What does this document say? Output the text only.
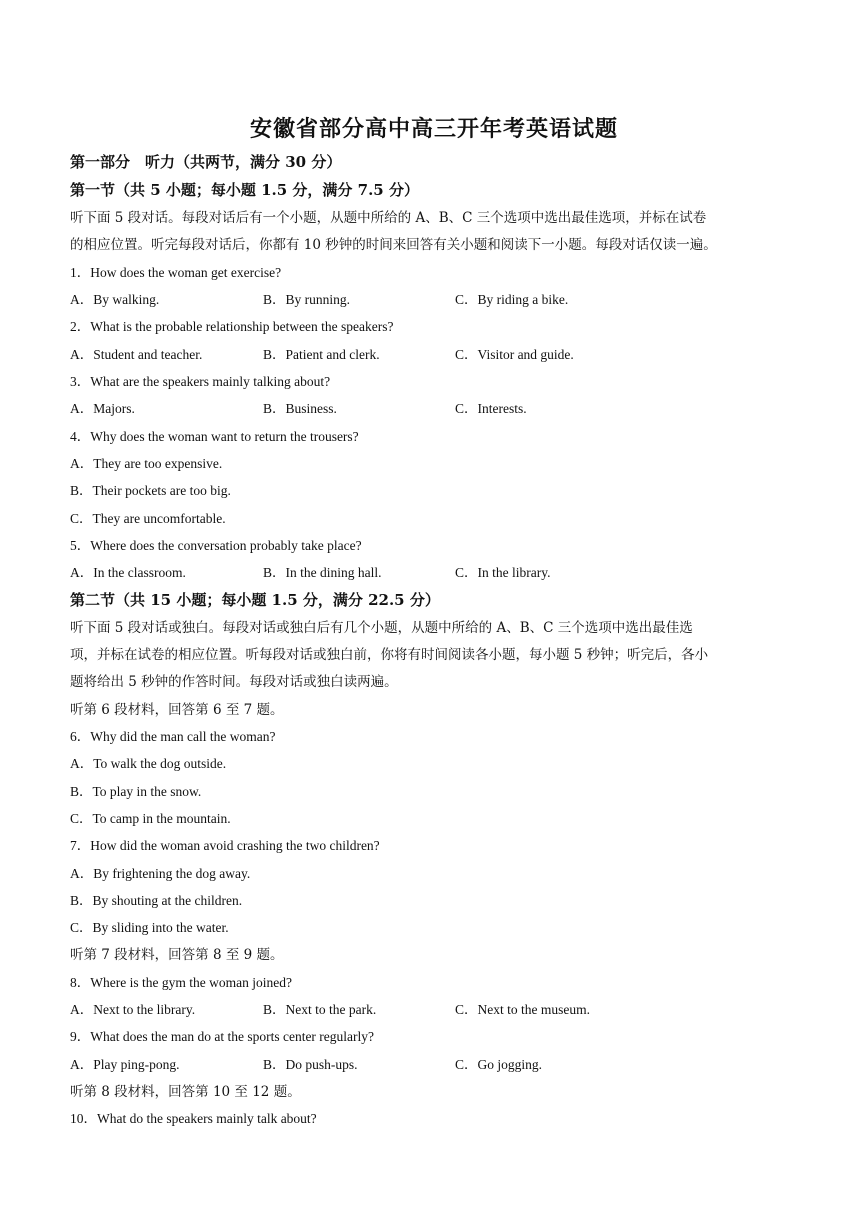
安徽省部分高中高三开年考英语试题
第一部分　听力（共两节，满分 30 分）
第一节（共 5 小题；每小题 1.5 分，满分 7.5 分）
听下面 5 段对话。每段对话后有一个小题，从题中所给的 A、B、C 三个选项中选出最佳选项，并标在试卷
的相应位置。听完每段对话后，你都有 10 秒钟的时间来回答有关小题和阅读下一小题。每段对话仅读一遍。
1．How does the woman get exercise?
A．By walking.	B．By running.	C．By riding a bike.
2．What is the probable relationship between the speakers?
A．Student and teacher.	B．Patient and clerk.	C．Visitor and guide.
3．What are the speakers mainly talking about?
A．Majors.	B．Business.	C．Interests.
4．Why does the woman want to return the trousers?
A．They are too expensive.
B．Their pockets are too big.
C．They are uncomfortable.
5．Where does the conversation probably take place?
A．In the classroom.	B．In the dining hall.	C．In the library.
第二节（共 15 小题；每小题 1.5 分，满分 22.5 分）
听下面 5 段对话或独白。每段对话或独白后有几个小题，从题中所给的 A、B、C 三个选项中选出最佳选
项，并标在试卷的相应位置。听每段对话或独白前，你将有时间阅读各小题，每小题 5 秒钟；听完后，各小
题将给出 5 秒钟的作答时间。每段对话或独白读两遍。
听第 6 段材料，回答第 6 至 7 题。
6．Why did the man call the woman?
A．To walk the dog outside.
B．To play in the snow.
C．To camp in the mountain.
7．How did the woman avoid crashing the two children?
A．By frightening the dog away.
B．By shouting at the children.
C．By sliding into the water.
听第 7 段材料，回答第 8 至 9 题。
8．Where is the gym the woman joined?
A．Next to the library.	B．Next to the park.	C．Next to the museum.
9．What does the man do at the sports center regularly?
A．Play ping-pong.	B．Do push-ups.	C．Go jogging.
听第 8 段材料，回答第 10 至 12 题。
10．What do the speakers mainly talk about?
